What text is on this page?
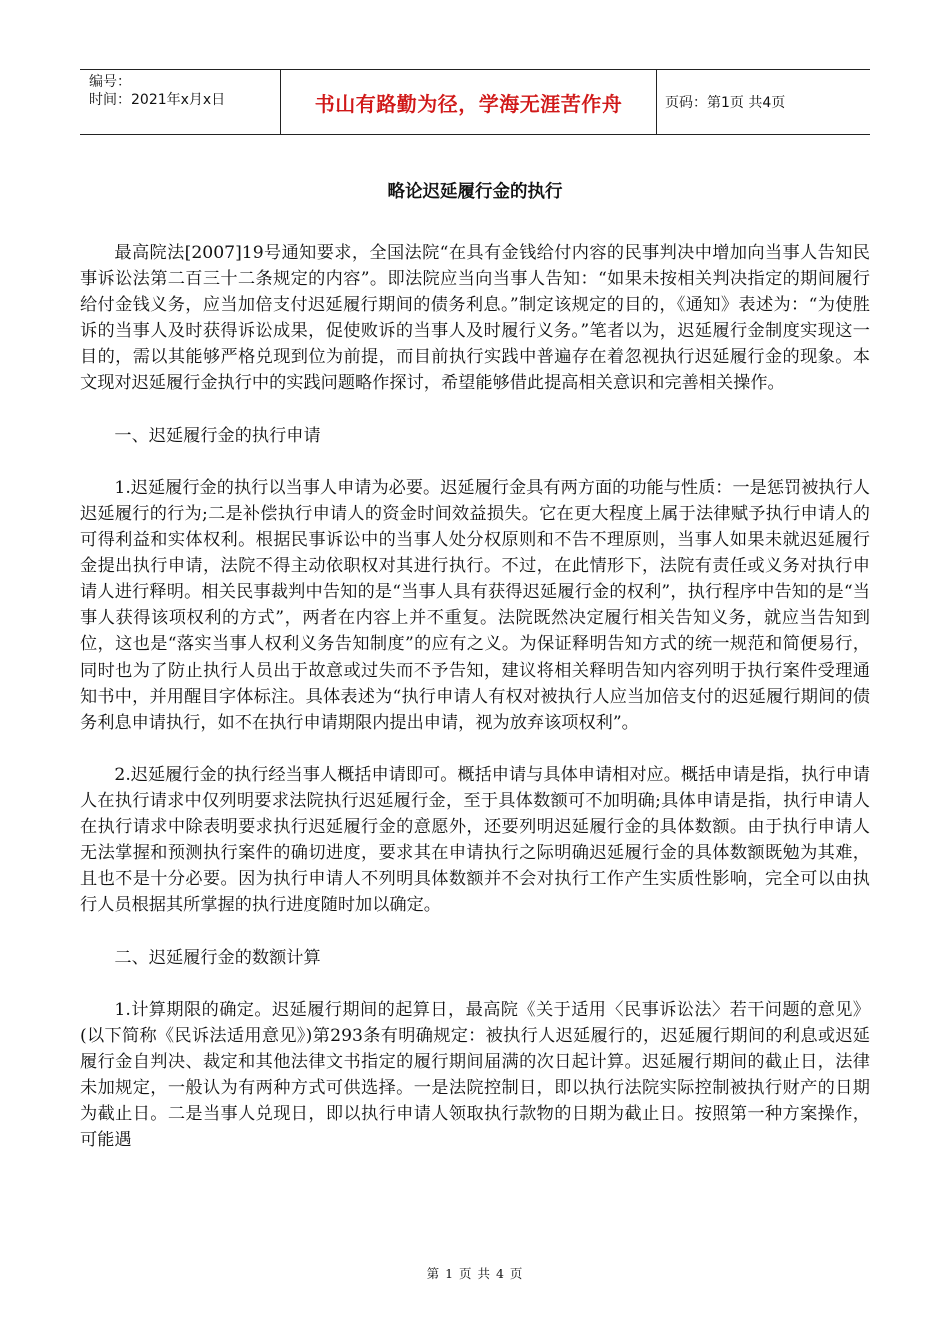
编号：
时间：2021年x月x日	书山有路勤为径，学海无涯苦作舟	页码：第1页 共4页
略论迟延履行金的执行

最高院法[2007]19号通知要求，全国法院“在具有金钱给付内容的民事判决中增加向当事人告知民事诉讼法第二百三十二条规定的内容”。即法院应当向当事人告知：“如果未按相关判决指定的期间履行给付金钱义务，应当加倍支付迟延履行期间的债务利息。”制定该规定的目的，《通知》表述为：“为使胜诉的当事人及时获得诉讼成果，促使败诉的当事人及时履行义务。”笔者以为，迟延履行金制度实现这一目的，需以其能够严格兑现到位为前提，而目前执行实践中普遍存在着忽视执行迟延履行金的现象。本文现对迟延履行金执行中的实践问题略作探讨，希望能够借此提高相关意识和完善相关操作。

一、迟延履行金的执行申请

1.迟延履行金的执行以当事人申请为必要。迟延履行金具有两方面的功能与性质：一是惩罚被执行人迟延履行的行为;二是补偿执行申请人的资金时间效益损失。它在更大程度上属于法律赋予执行申请人的可得利益和实体权利。根据民事诉讼中的当事人处分权原则和不告不理原则，当事人如果未就迟延履行金提出执行申请，法院不得主动依职权对其进行执行。不过，在此情形下，法院有责任或义务对执行申请人进行释明。相关民事裁判中告知的是“当事人具有获得迟延履行金的权利”，执行程序中告知的是“当事人获得该项权利的方式”，两者在内容上并不重复。法院既然决定履行相关告知义务，就应当告知到位，这也是“落实当事人权利义务告知制度”的应有之义。为保证释明告知方式的统一规范和简便易行，同时也为了防止执行人员出于故意或过失而不予告知，建议将相关释明告知内容列明于执行案件受理通知书中，并用醒目字体标注。具体表述为“执行申请人有权对被执行人应当加倍支付的迟延履行期间的债务利息申请执行，如不在执行申请期限内提出申请，视为放弃该项权利”。

2.迟延履行金的执行经当事人概括申请即可。概括申请与具体申请相对应。概括申请是指，执行申请人在执行请求中仅列明要求法院执行迟延履行金，至于具体数额可不加明确;具体申请是指，执行申请人在执行请求中除表明要求执行迟延履行金的意愿外，还要列明迟延履行金的具体数额。由于执行申请人无法掌握和预测执行案件的确切进度，要求其在申请执行之际明确迟延履行金的具体数额既勉为其难，且也不是十分必要。因为执行申请人不列明具体数额并不会对执行工作产生实质性影响，完全可以由执行人员根据其所掌握的执行进度随时加以确定。

二、迟延履行金的数额计算

1.计算期限的确定。迟延履行期间的起算日，最高院《关于适用〈民事诉讼法〉若干问题的意见》(以下简称《民诉法适用意见》)第293条有明确规定：被执行人迟延履行的，迟延履行期间的利息或迟延履行金自判决、裁定和其他法律文书指定的履行期间届满的次日起计算。迟延履行期间的截止日，法律未加规定，一般认为有两种方式可供选择。一是法院控制日，即以执行法院实际控制被执行财产的日期为截止日。二是当事人兑现日，即以执行申请人领取执行款物的日期为截止日。按照第一种方案操作，可能遇

第 1 页 共 4 页
